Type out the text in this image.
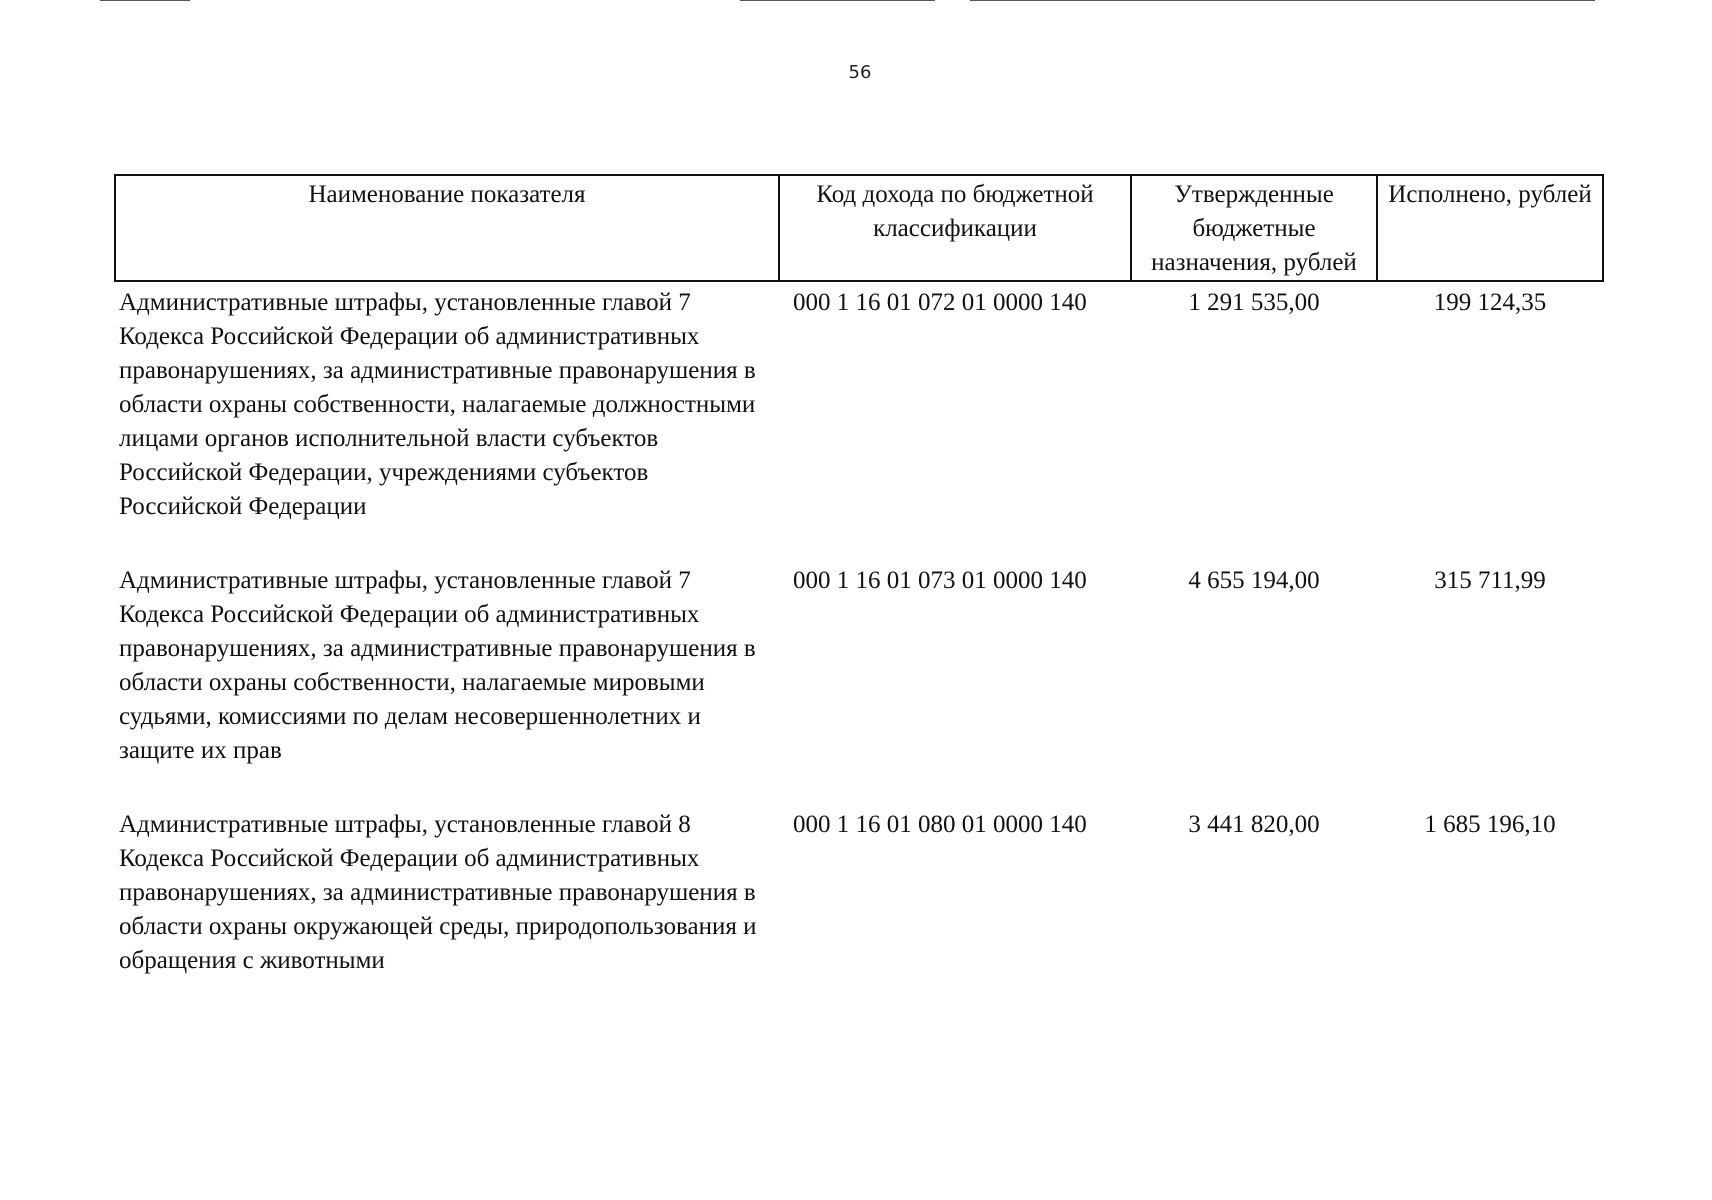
56
Наименование показателя	Код дохода по бюджетной классификации	Утвержденные бюджетные назначения, рублей	Исполнено, рублей
Административные штрафы, установленные главой 7 Кодекса Российской Федерации об административных правонарушениях, за административные правонарушения в области охраны собственности, налагаемые должностными лицами органов исполнительной власти субъектов Российской Федерации, учреждениями субъектов Российской Федерации	000 1 16 01 072 01 0000 140	1 291 535,00	199 124,35
Административные штрафы, установленные главой 7 Кодекса Российской Федерации об административных правонарушениях, за административные правонарушения в области охраны собственности, налагаемые мировыми судьями, комиссиями по делам несовершеннолетних и защите их прав	000 1 16 01 073 01 0000 140	4 655 194,00	315 711,99
Административные штрафы, установленные главой 8 Кодекса Российской Федерации об административных правонарушениях, за административные правонарушения в области охраны окружающей среды, природопользования и обращения с животными	000 1 16 01 080 01 0000 140	3 441 820,00	1 685 196,10
